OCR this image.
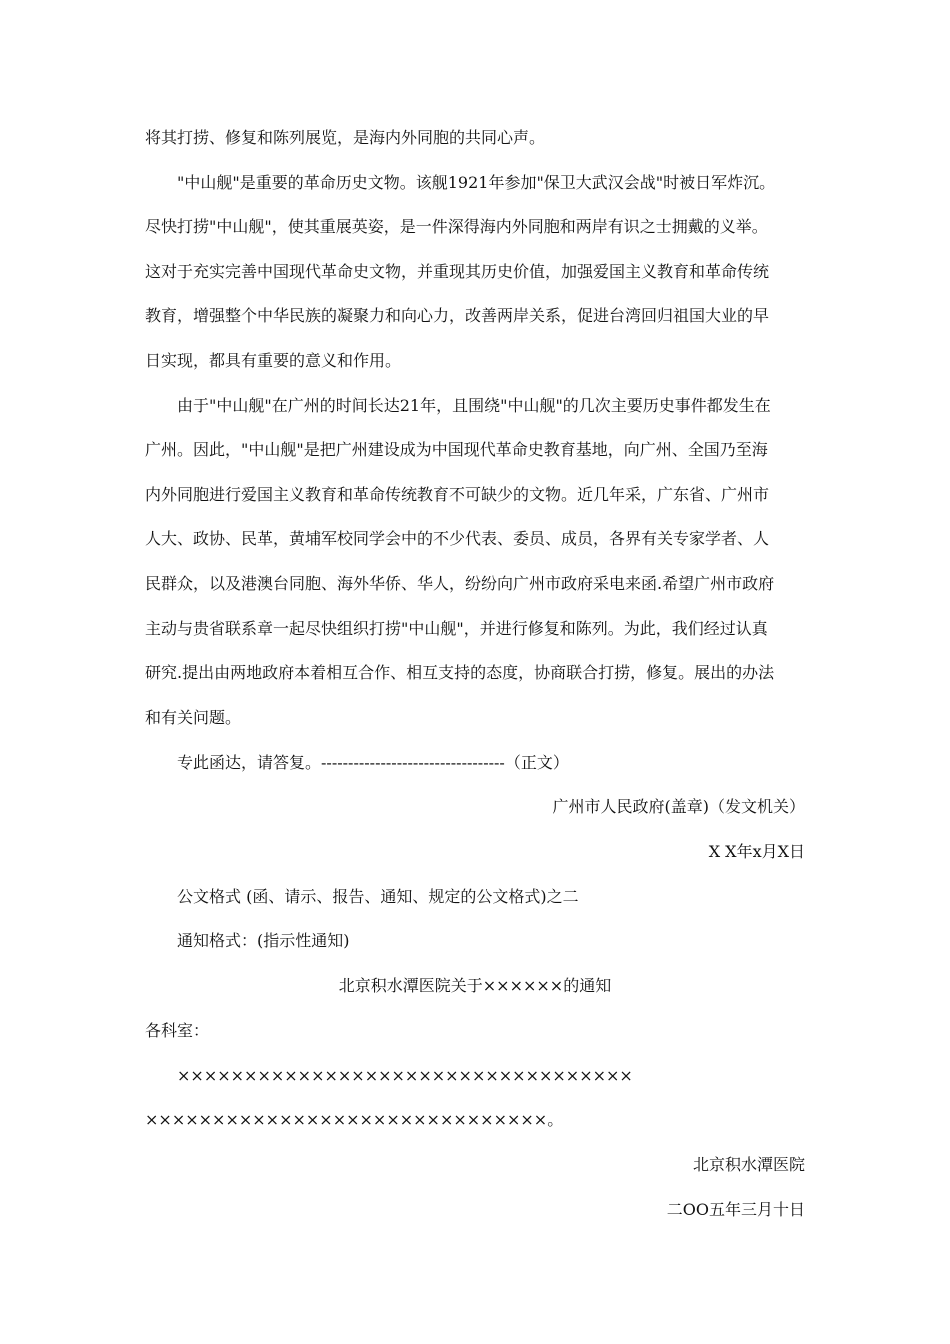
将其打捞、修复和陈列展览，是海内外同胞的共同心声。
"中山舰"是重要的革命历史文物。该舰1921年参加"保卫大武汉会战"时被日军炸沉。
尽快打捞"中山舰"，使其重展英姿，是一件深得海内外同胞和两岸有识之士拥戴的义举。
这对于充实完善中国现代革命史文物，并重现其历史价值，加强爱国主义教育和革命传统
教育，增强整个中华民族的凝聚力和向心力，改善两岸关系，促进台湾回归祖国大业的早
日实现，都具有重要的意义和作用。
由于"中山舰"在广州的时间长达21年，且围绕"中山舰"的几次主要历史事件都发生在
广州。因此，"中山舰"是把广州建设成为中国现代革命史教育基地，向广州、全国乃至海
内外同胞进行爱国主义教育和革命传统教育不可缺少的文物。近几年采，广东省、广州市
人大、政协、民革，黄埔军校同学会中的不少代表、委员、成员，各界有关专家学者、人
民群众，以及港澳台同胞、海外华侨、华人，纷纷向广州市政府采电来函.希望广州市政府
主动与贵省联系章一起尽快组织打捞"中山舰"，并进行修复和陈列。为此，我们经过认真
研究.提出由两地政府本着相互合作、相互支持的态度，协商联合打捞，修复。展出的办法
和有关问题。
专此函达，请答复。----------------------------------（正文）
广州市人民政府(盖章)（发文机关）
X X年x月X日
公文格式 (函、请示、报告、通知、规定的公文格式)之二
通知格式：(指示性通知)
北京积水潭医院关于××××××的通知
各科室：
××××××××××××××××××××××××××××××××××
××××××××××××××××××××××××××××××。
北京积水潭医院
二OO五年三月十日
